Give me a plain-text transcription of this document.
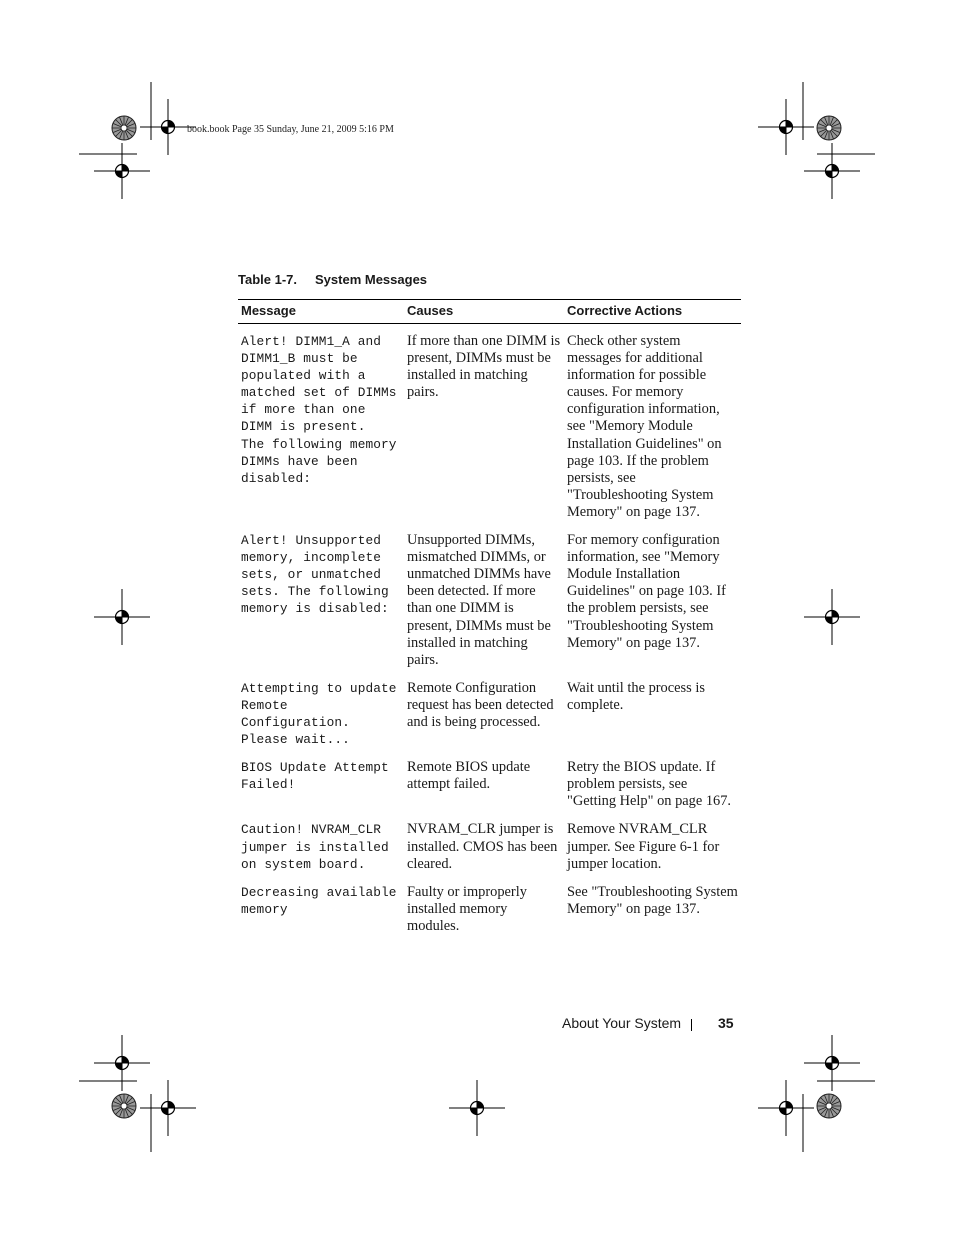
book.book Page 35 Sunday, June 21, 2009 5:16 PM
Table 1-7. System Messages
Message	Causes	Corrective Actions
Alert! DIMM1_A and DIMM1_B must be populated with a matched set of DIMMs if more than one DIMM is present.  The following memory DIMMs have been disabled:	If more than one DIMM is present, DIMMs must be installed in matching pairs.	Check other system messages for additional information for possible causes. For memory configuration information, see "Memory Module Installation Guidelines" on page 103. If the problem persists, see "Troubleshooting System Memory" on page 137.
Alert! Unsupported memory, incomplete sets, or unmatched sets. The following memory is disabled:	Unsupported DIMMs, mismatched DIMMs, or unmatched DIMMs have been detected. If more than one DIMM is present, DIMMs must be installed in matching pairs.	For memory configuration information, see "Memory Module Installation Guidelines" on page 103. If the problem persists, see "Troubleshooting System Memory" on page 137.
Attempting to update Remote Configuration. Please wait...	Remote Configuration request has been detected and is being processed.	Wait until the process is complete.
BIOS Update Attempt Failed!	Remote BIOS update attempt failed.	Retry the BIOS update. If problem persists, see "Getting Help" on page 167.
Caution! NVRAM_CLR jumper is installed on system board.	NVRAM_CLR jumper is installed. CMOS has been cleared.	Remove NVRAM_CLR jumper. See Figure 6-1 for jumper location.
Decreasing available memory	Faulty or improperly installed memory modules.	See "Troubleshooting System Memory" on page 137.
About Your System	35
